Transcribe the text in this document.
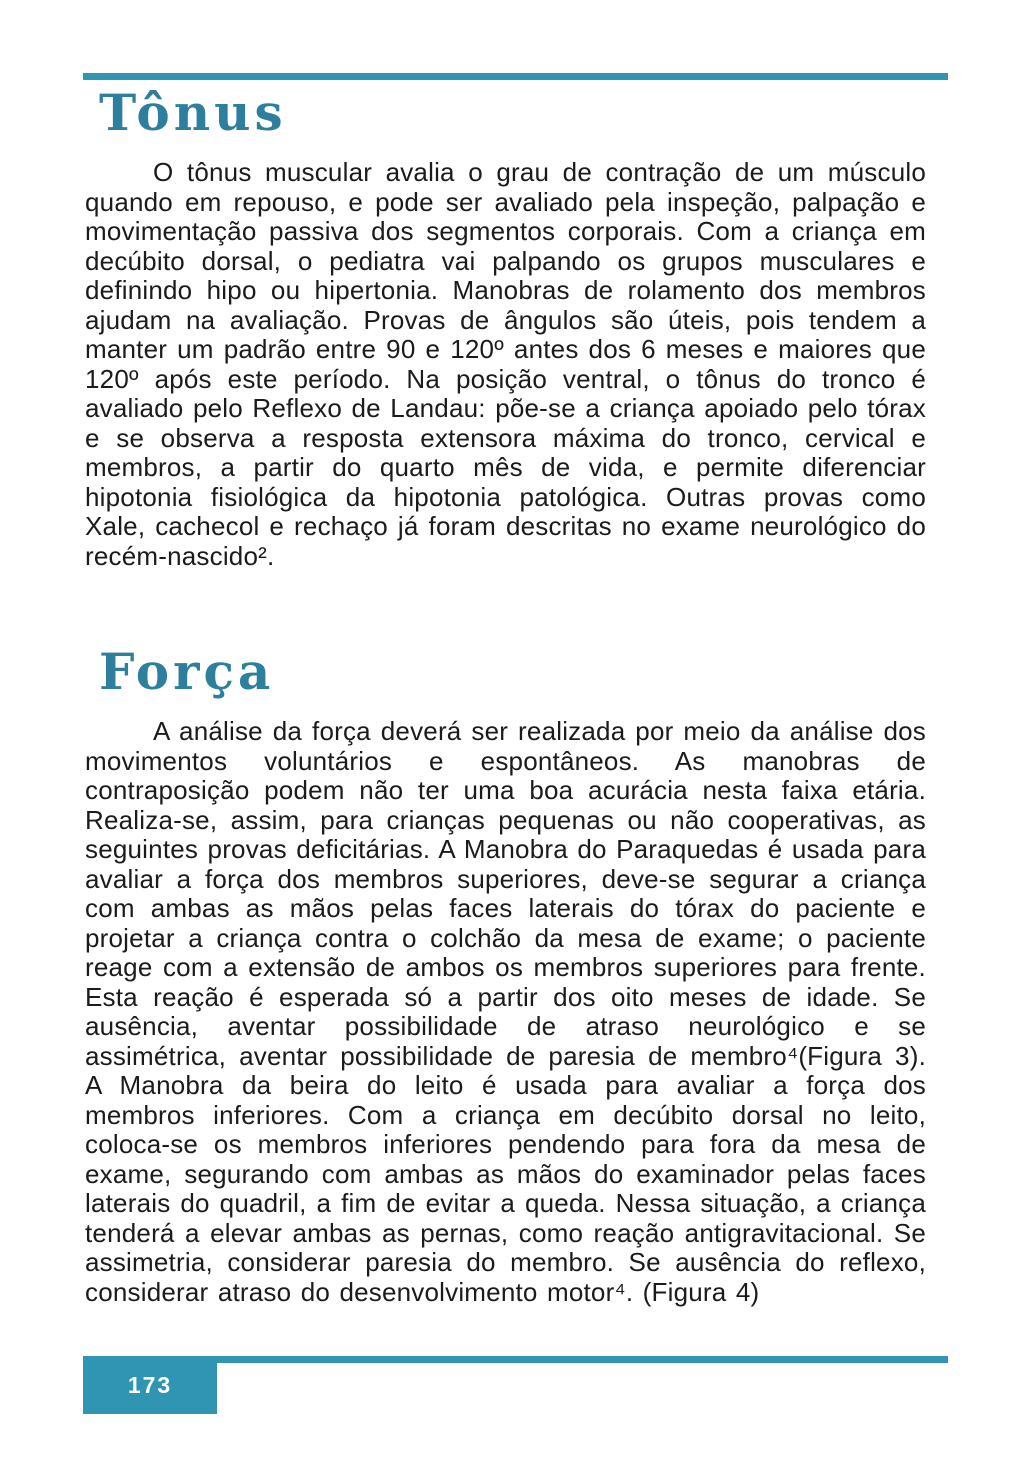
Tônus

O tônus muscular avalia o grau de contração de um músculo quando em repouso, e pode ser avaliado pela inspeção, palpação e movimentação passiva dos segmentos corporais. Com a criança em decúbito dorsal, o pediatra vai palpando os grupos musculares e definindo hipo ou hipertonia. Manobras de rolamento dos membros ajudam na avaliação. Provas de ângulos são úteis, pois tendem a manter um padrão entre 90 e 120º antes dos 6 meses e maiores que 120º após este período. Na posição ventral, o tônus do tronco é avaliado pelo Reflexo de Landau: põe-se a criança apoiado pelo tórax e se observa a resposta extensora máxima do tronco, cervical e membros, a partir do quarto mês de vida, e permite diferenciar hipotonia fisiológica da hipotonia patológica. Outras provas como Xale, cachecol e rechaço já foram descritas no exame neurológico do recém-nascido².

Força

A análise da força deverá ser realizada por meio da análise dos movimentos voluntários e espontâneos. As manobras de contraposição podem não ter uma boa acurácia nesta faixa etária. Realiza-se, assim, para crianças pequenas ou não cooperativas, as seguintes provas deficitárias. A Manobra do Paraquedas é usada para avaliar a força dos membros superiores, deve-se segurar a criança com ambas as mãos pelas faces laterais do tórax do paciente e projetar a criança contra o colchão da mesa de exame; o paciente reage com a extensão de ambos os membros superiores para frente. Esta reação é esperada só a partir dos oito meses de idade. Se ausência, aventar possibilidade de atraso neurológico e se assimétrica, aventar possibilidade de paresia de membro⁴(Figura 3). A Manobra da beira do leito é usada para avaliar a força dos membros inferiores. Com a criança em decúbito dorsal no leito, coloca-se os membros inferiores pendendo para fora da mesa de exame, segurando com ambas as mãos do examinador pelas faces laterais do quadril, a fim de evitar a queda. Nessa situação, a criança tenderá a elevar ambas as pernas, como reação antigravitacional. Se assimetria, considerar paresia do membro. Se ausência do reflexo, considerar atraso do desenvolvimento motor⁴. (Figura 4)

173
